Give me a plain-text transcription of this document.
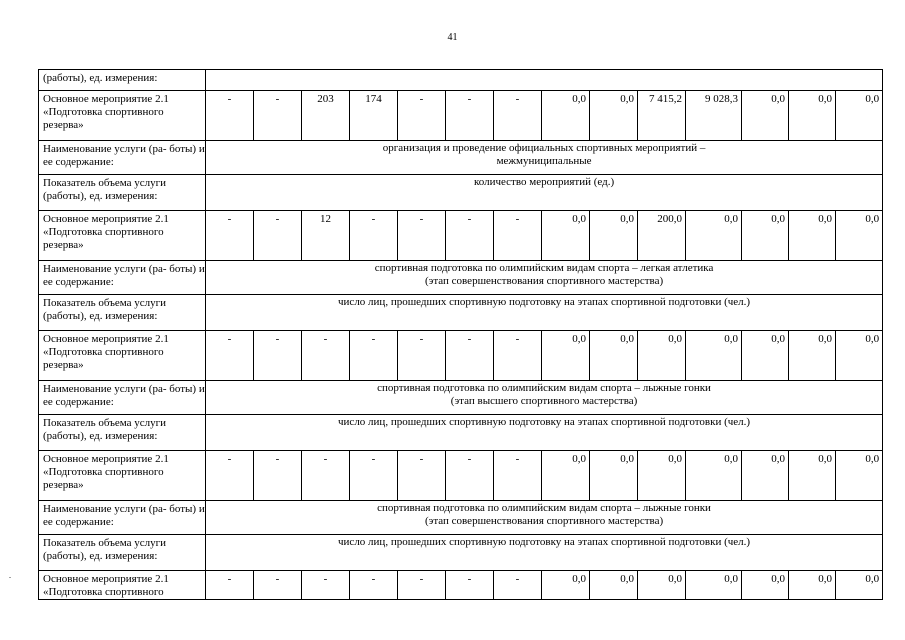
41
(работы), ед. измерения:														
Основное мероприятие 2.1 «Подготовка спортивного резерва»	-	-	203	174	-	-	-	0,0	0,0	7 415,2	9 028,3	0,0	0,0	0,0
Наименование услуги (ра- боты) и ее содержание:	организация и проведение официальных спортивных мероприятий –
межмуниципальные													

Показатель объема услуги (работы), ед. измерения:	количество мероприятий (ед.)													
Основное мероприятие 2.1 «Подготовка спортивного резерва»	-	-	12	-	-	-	-	0,0	0,0	200,0	0,0	0,0	0,0	0,0
Наименование услуги (ра- боты) и ее содержание:	спортивная подготовка по олимпийским видам спорта – легкая атлетика
(этап совершенствования спортивного мастерства)													

Показатель объема услуги (работы), ед. измерения:	число лиц, прошедших спортивную подготовку на этапах спортивной подготовки (чел.)													
Основное мероприятие 2.1 «Подготовка спортивного резерва»	-	-	-	-	-	-	-	0,0	0,0	0,0	0,0	0,0	0,0	0,0
Наименование услуги (ра- боты) и ее содержание:	спортивная подготовка по олимпийским видам спорта – лыжные гонки
(этап высшего спортивного мастерства)													

Показатель объема услуги (работы), ед. измерения:	число лиц, прошедших спортивную подготовку на этапах спортивной подготовки (чел.)													
Основное мероприятие 2.1 «Подготовка спортивного резерва»	-	-	-	-	-	-	-	0,0	0,0	0,0	0,0	0,0	0,0	0,0
Наименование услуги (ра- боты) и ее содержание:	спортивная подготовка по олимпийским видам спорта – лыжные гонки
(этап совершенствования спортивного мастерства)													

Показатель объема услуги (работы), ед. измерения:	число лиц, прошедших спортивную подготовку на этапах спортивной подготовки (чел.)													
Основное мероприятие 2.1 «Подготовка спортивного	-	-	-	-	-	-	-	0,0	0,0	0,0	0,0	0,0	0,0	0,0
.
